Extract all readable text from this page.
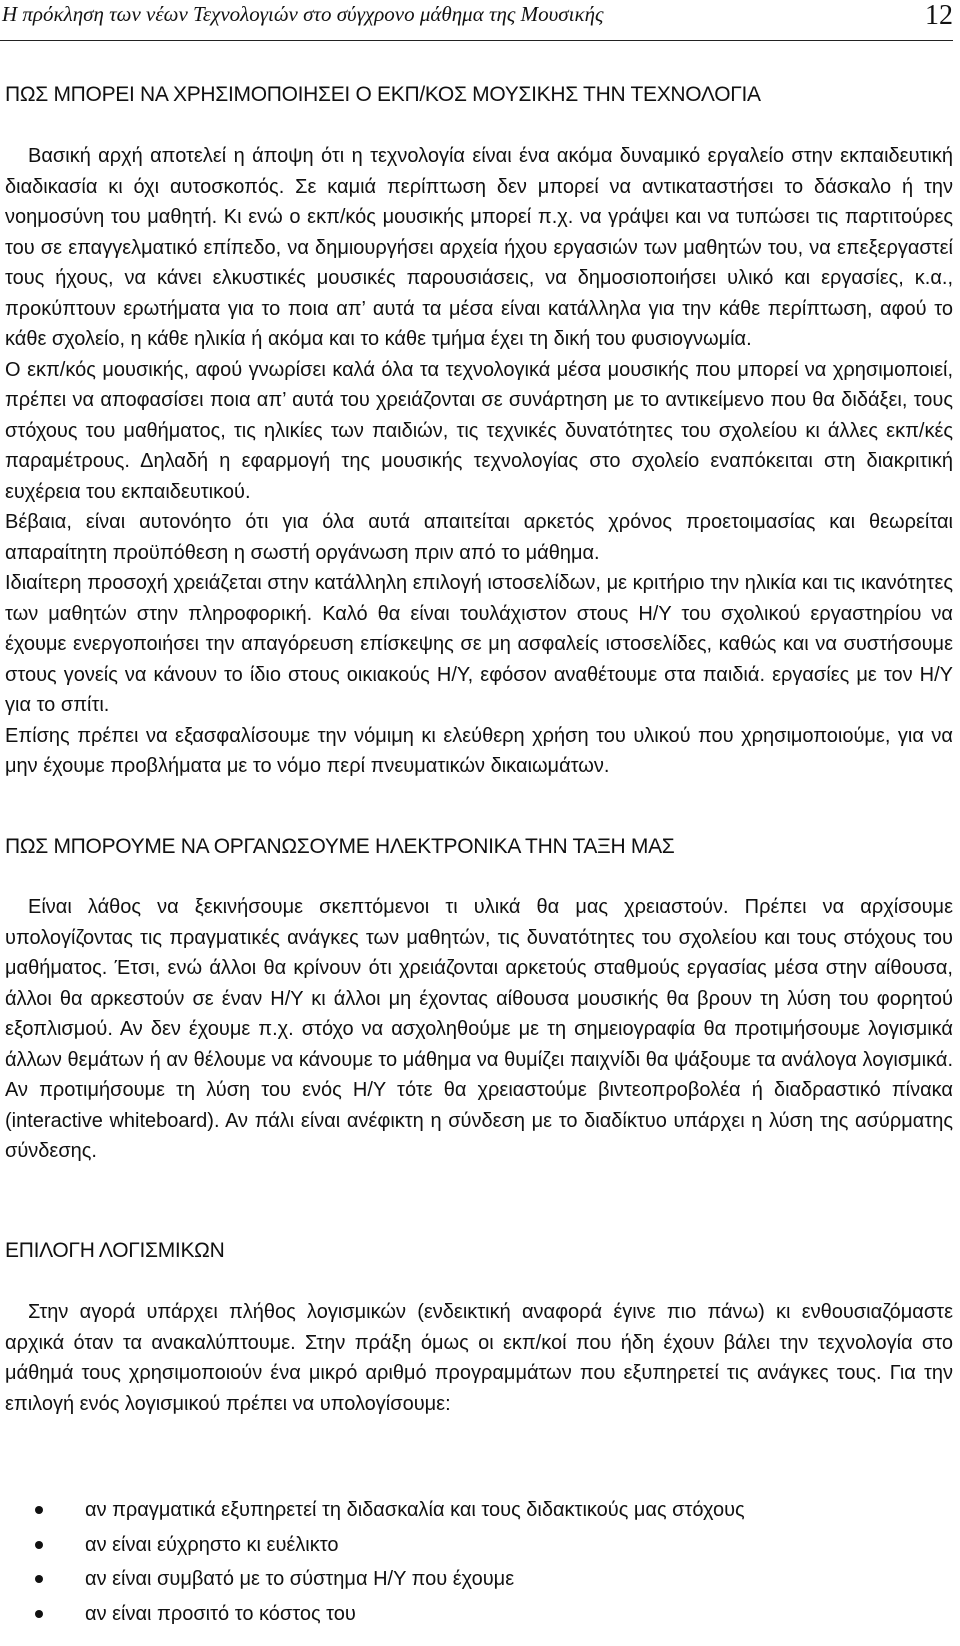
Η πρόκληση των νέων Τεχνολογιών στο σύγχρονο μάθημα της Μουσικής	12
ΠΩΣ ΜΠΟΡΕΙ ΝΑ ΧΡΗΣΙΜΟΠΟΙΗΣΕΙ Ο ΕΚΠ/ΚΟΣ ΜΟΥΣΙΚΗΣ ΤΗΝ ΤΕΧΝΟΛΟΓΙΑ

Βασική αρχή αποτελεί η άποψη ότι η τεχνολογία είναι ένα ακόμα δυναμικό εργαλείο στην εκπαιδευτική διαδικασία κι όχι αυτοσκοπός. Σε καμιά περίπτωση δεν μπορεί να αντικαταστήσει το δάσκαλο ή την νοημοσύνη του μαθητή. Κι ενώ ο εκπ/κός μουσικής μπορεί π.χ. να γράψει και να τυπώσει τις παρτιτούρες του σε επαγγελματικό επίπεδο, να δημιουργήσει αρχεία ήχου εργασιών των μαθητών του, να επεξεργαστεί τους ήχους, να κάνει ελκυστικές μουσικές παρουσιάσεις, να δημοσιοποιήσει υλικό και εργασίες, κ.α., προκύπτουν ερωτήματα για το ποια απ’ αυτά τα μέσα είναι κατάλληλα για την κάθε περίπτωση, αφού το κάθε σχολείο, η κάθε ηλικία ή ακόμα και το κάθε τμήμα έχει τη δική του φυσιογνωμία.

Ο εκπ/κός μουσικής, αφού γνωρίσει καλά όλα τα τεχνολογικά μέσα μουσικής που μπορεί να χρησιμοποιεί, πρέπει να αποφασίσει ποια απ’ αυτά του χρειάζονται σε συνάρτηση με το αντικείμενο που θα διδάξει, τους στόχους του μαθήματος, τις ηλικίες των παιδιών, τις τεχνικές δυνατότητες του σχολείου κι άλλες εκπ/κές παραμέτρους. Δηλαδή η εφαρμογή της μουσικής τεχνολογίας στο σχολείο εναπόκειται στη διακριτική ευχέρεια του εκπαιδευτικού.

Βέβαια, είναι αυτονόητο ότι για όλα αυτά απαιτείται αρκετός χρόνος προετοιμασίας και θεωρείται απαραίτητη προϋπόθεση η σωστή οργάνωση πριν από το μάθημα.

Ιδιαίτερη προσοχή χρειάζεται στην κατάλληλη επιλογή ιστοσελίδων, με κριτήριο την ηλικία και τις ικανότητες των μαθητών στην πληροφορική. Καλό θα είναι τουλάχιστον στους Η/Υ του σχολικού εργαστηρίου να έχουμε ενεργοποιήσει την απαγόρευση επίσκεψης σε μη ασφαλείς ιστοσελίδες, καθώς και να συστήσουμε στους γονείς να κάνουν το ίδιο στους οικιακούς Η/Υ, εφόσον αναθέτουμε στα παιδιά. εργασίες με τον Η/Υ για το σπίτι.

Επίσης πρέπει να εξασφαλίσουμε την νόμιμη κι ελεύθερη χρήση του υλικού που χρησιμοποιούμε, για να μην έχουμε προβλήματα με το νόμο περί πνευματικών δικαιωμάτων.

ΠΩΣ ΜΠΟΡΟΥΜΕ ΝΑ ΟΡΓΑΝΩΣΟΥΜΕ ΗΛΕΚΤΡΟΝΙΚΑ ΤΗΝ ΤΑΞΗ ΜΑΣ

Είναι λάθος να ξεκινήσουμε σκεπτόμενοι τι υλικά θα μας χρειαστούν. Πρέπει να αρχίσουμε υπολογίζοντας τις πραγματικές ανάγκες των μαθητών, τις δυνατότητες του σχολείου και τους στόχους του μαθήματος. Έτσι, ενώ άλλοι θα κρίνουν ότι χρειάζονται αρκετούς σταθμούς εργασίας μέσα στην αίθουσα, άλλοι θα αρκεστούν σε έναν Η/Υ κι άλλοι μη έχοντας αίθουσα μουσικής θα βρουν τη λύση του φορητού εξοπλισμού. Αν δεν έχουμε π.χ. στόχο να ασχοληθούμε με τη σημειογραφία θα προτιμήσουμε λογισμικά άλλων θεμάτων ή αν θέλουμε να κάνουμε το μάθημα να θυμίζει παιχνίδι θα ψάξουμε τα ανάλογα λογισμικά. Αν προτιμήσουμε τη λύση του ενός Η/Υ τότε θα χρειαστούμε βιντεοπροβολέα ή διαδραστικό πίνακα (interactive whiteboard). Αν πάλι είναι ανέφικτη η σύνδεση με το διαδίκτυο υπάρχει η λύση της ασύρματης σύνδεσης.

ΕΠΙΛΟΓΗ ΛΟΓΙΣΜΙΚΩΝ

Στην αγορά υπάρχει πλήθος λογισμικών (ενδεικτική αναφορά έγινε πιο πάνω) κι ενθουσιαζόμαστε αρχικά όταν τα ανακαλύπτουμε. Στην πράξη όμως οι εκπ/κοί που ήδη έχουν βάλει την τεχνολογία στο μάθημά τους χρησιμοποιούν ένα μικρό αριθμό προγραμμάτων που εξυπηρετεί τις ανάγκες τους. Για την επιλογή ενός λογισμικού πρέπει να υπολογίσουμε:

αν πραγματικά εξυπηρετεί τη διδασκαλία και τους διδακτικούς μας στόχους
αν είναι εύχρηστο κι ευέλικτο
αν είναι συμβατό με το σύστημα Η/Υ που έχουμε
αν είναι προσιτό το κόστος του
